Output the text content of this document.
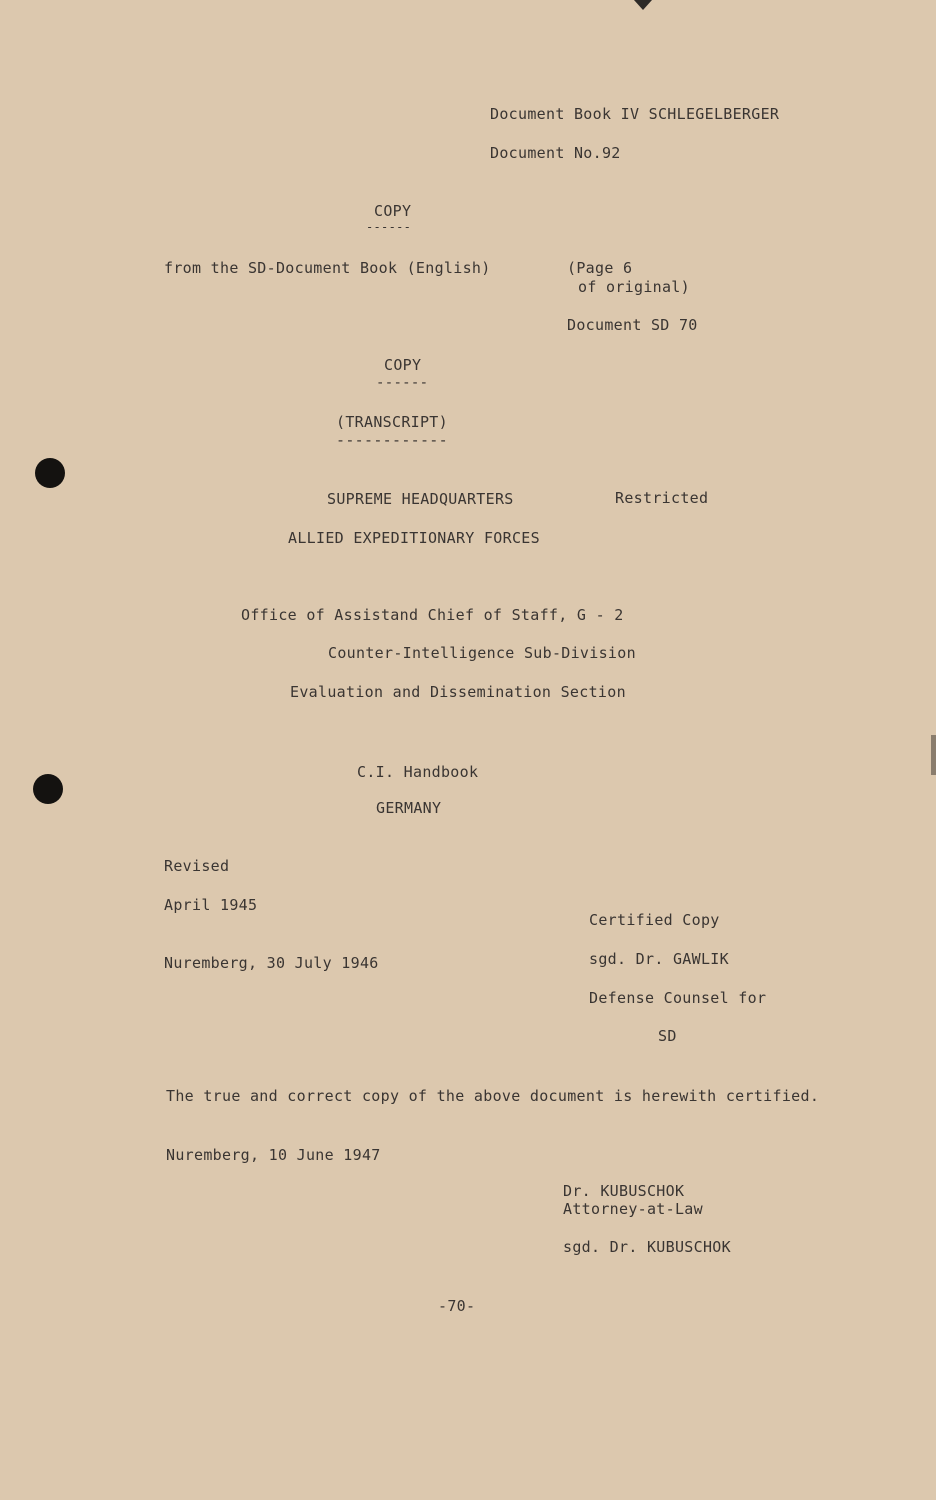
Document Book IV SCHLEGELBERGER
Document No.92
COPY
------
from the SD-Document Book (English)	(Page 6
of original)
Document SD 70
COPY
------
(TRANSCRIPT)
------------
SUPREME HEADQUARTERS	Restricted
ALLIED EXPEDITIONARY FORCES
Office of Assistand Chief of Staff, G - 2
Counter-Intelligence Sub-Division
Evaluation and Dissemination Section
C.I. Handbook
GERMANY
Revised
April 1945
Certified Copy
Nuremberg, 30 July 1946	sgd. Dr. GAWLIK
Defense Counsel for
SD
The true and correct copy of the above document is herewith certified.
Nuremberg, 10 June 1947
Dr. KUBUSCHOK
Attorney-at-Law
sgd. Dr. KUBUSCHOK
-70-
